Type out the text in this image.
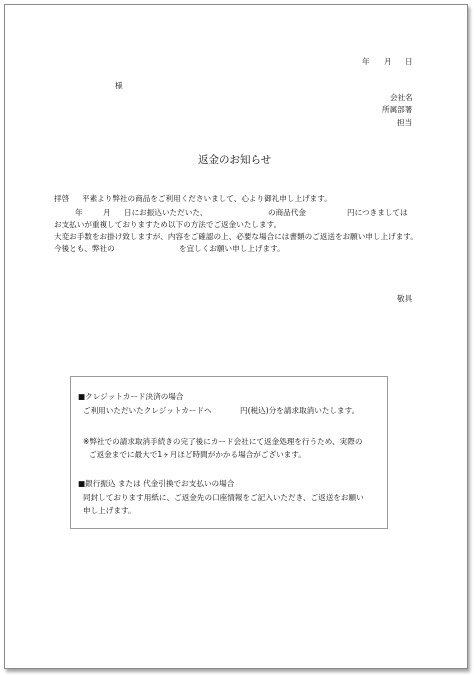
年 月 日
様
会社名
所属部署
担当
返金のお知らせ
拝啓 平素より弊社の商品をご利用くださいまして、心より御礼申し上げます。
年	月 日にお振込いただいた、	の商品代金	円につきましては
お支払いが重複しておりますため以下の方法でご返金いたします。
大変お手数をお掛け致しますが、内容をご確認の上、必要な場合には書類のご返送をお願い申し上げます。
今後とも、弊社の	を宜しくお願い申し上げます。
敬具
■クレジットカード決済の場合
ご利用いただいたクレジットカードへ	円(税込)分を請求取消いたします。
※弊社での請求取消手続きの完了後にカード会社にて返金処理を行うため、実際の
ご返金までに最大で1ヶ月ほど時間がかかる場合がございます。
■銀行振込 または 代金引換でお支払いの場合
同封しております用紙に、ご返金先の口座情報をご記入いただき、ご返送をお願い
申し上げます。
